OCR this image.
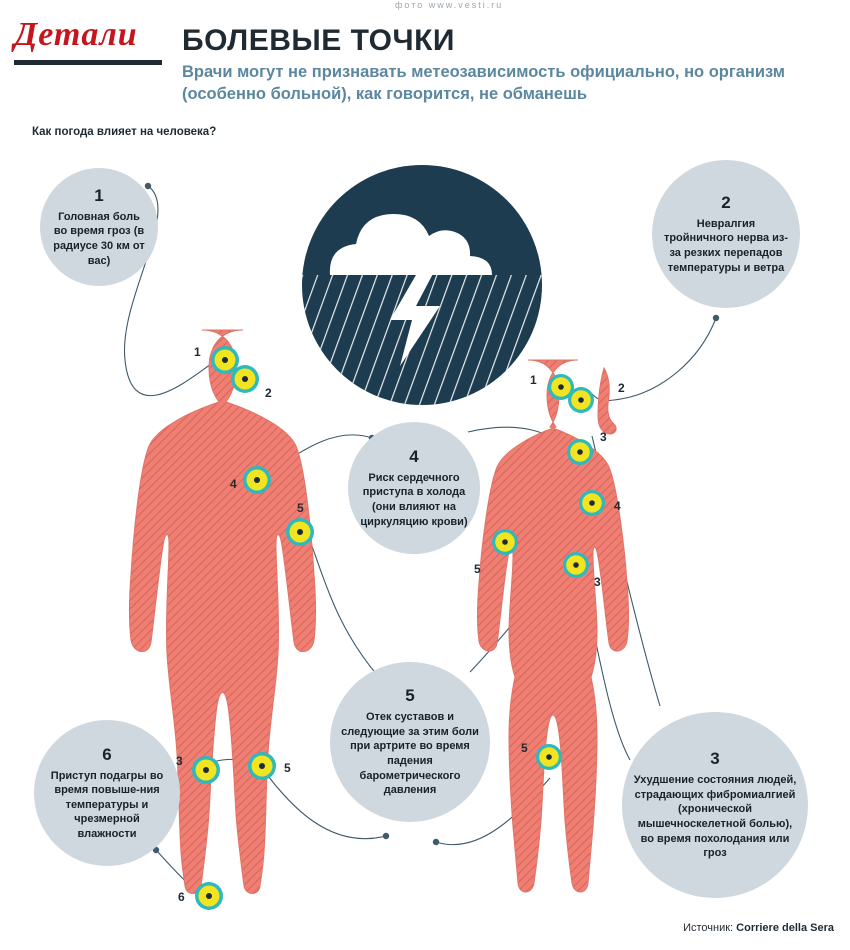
Детали
фото www.vesti.ru
БОЛЕВЫЕ ТОЧКИ
Врачи могут не признавать метеозависимость официально, но организм (особенно больной), как говорится, не обманешь
Как погода влияет на человека?
1
2
4
5
3	5
6
1
2
3
4
5
3
5
1
Головная боль во время гроз (в радиусе 30 км от вас)
2
Невралгия тройничного нерва из-за резких перепадов температуры и ветра
4
Риск сердечного приступа в холода (они влияют на циркуляцию крови)
5
Отек суставов и следующие за этим боли при артрите во время падения барометрического давления
6
Приступ подагры во время повыше-ния температуры и чрезмерной влажности
3
Ухудшение состояния людей, страдающих фибромиалгией (хронической мышечноскелетной болью), во время похолодания или гроз
Источник: Corriere della Sera
